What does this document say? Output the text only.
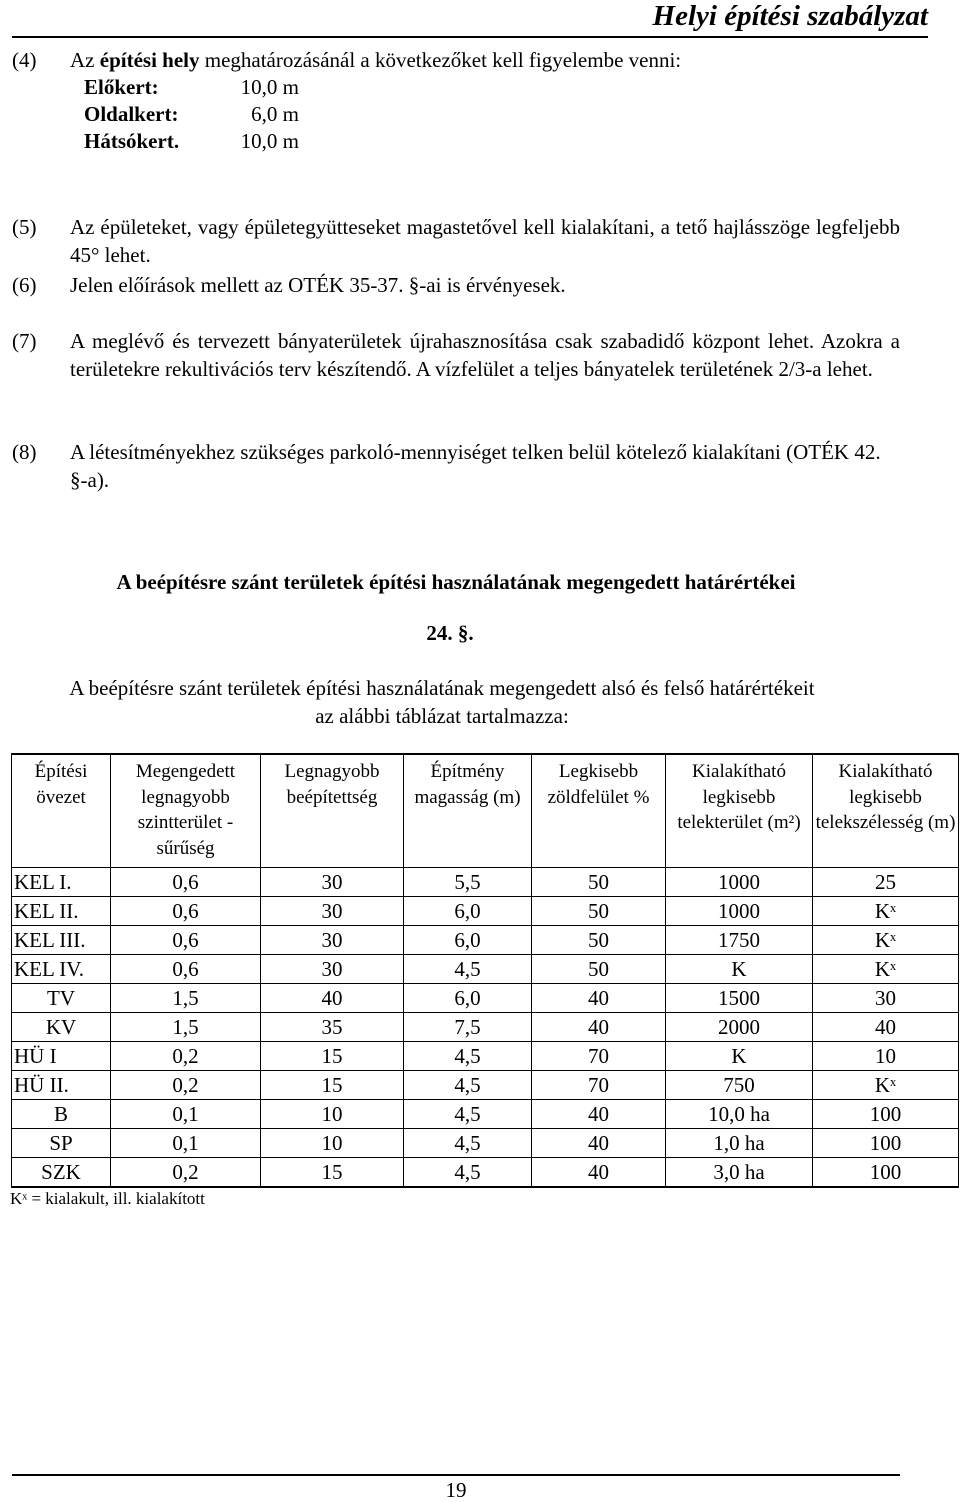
Helyi építési szabályzat
(4) Az építési hely meghatározásánál a következőket kell figyelembe venni:
Előkert:	10,0 m
Oldalkert:	6,0 m
Hátsókert.	10,0 m
(5) Az épületeket, vagy épületegyütteseket magastetővel kell kialakítani, a tető hajlásszöge legfeljebb 45° lehet.
(6) Jelen előírások mellett az OTÉK 35-37. §-ai is érvényesek.
(7) A meglévő és tervezett bányaterületek újrahasznosítása csak szabadidő központ lehet. Azokra a területekre rekultivációs terv készítendő. A vízfelület a teljes bányatelek területének 2/3-a lehet.
(8) A létesítményekhez szükséges parkoló-mennyiséget telken belül kötelező kialakítani (OTÉK 42. §-a).
A beépítésre szánt területek építési használatának megengedett határértékei
24. §.
A beépítésre szánt területek építési használatának megengedett alsó és felső határértékeit
az alábbi táblázat tartalmazza:
Építési övezet	Megengedett legnagyobb szintterület - sűrűség	Legnagyobb beépítettség	Építmény magasság (m)	Legkisebb zöldfelület %	Kialakítható legkisebb telekterület (m²)	Kialakítható legkisebb telekszélesség (m)
KEL I.	0,6	30	5,5	50	1000	25
KEL II.	0,6	30	6,0	50	1000	Kˣ
KEL III.	0,6	30	6,0	50	1750	Kˣ
KEL IV.	0,6	30	4,5	50	K	Kˣ
TV	1,5	40	6,0	40	1500	30
KV	1,5	35	7,5	40	2000	40
HÜ I	0,2	15	4,5	70	K	10
HÜ II.	0,2	15	4,5	70	750	Kˣ
B	0,1	10	4,5	40	10,0 ha	100
SP	0,1	10	4,5	40	1,0 ha	100
SZK	0,2	15	4,5	40	3,0 ha	100
Kˣ = kialakult, ill. kialakított
19
